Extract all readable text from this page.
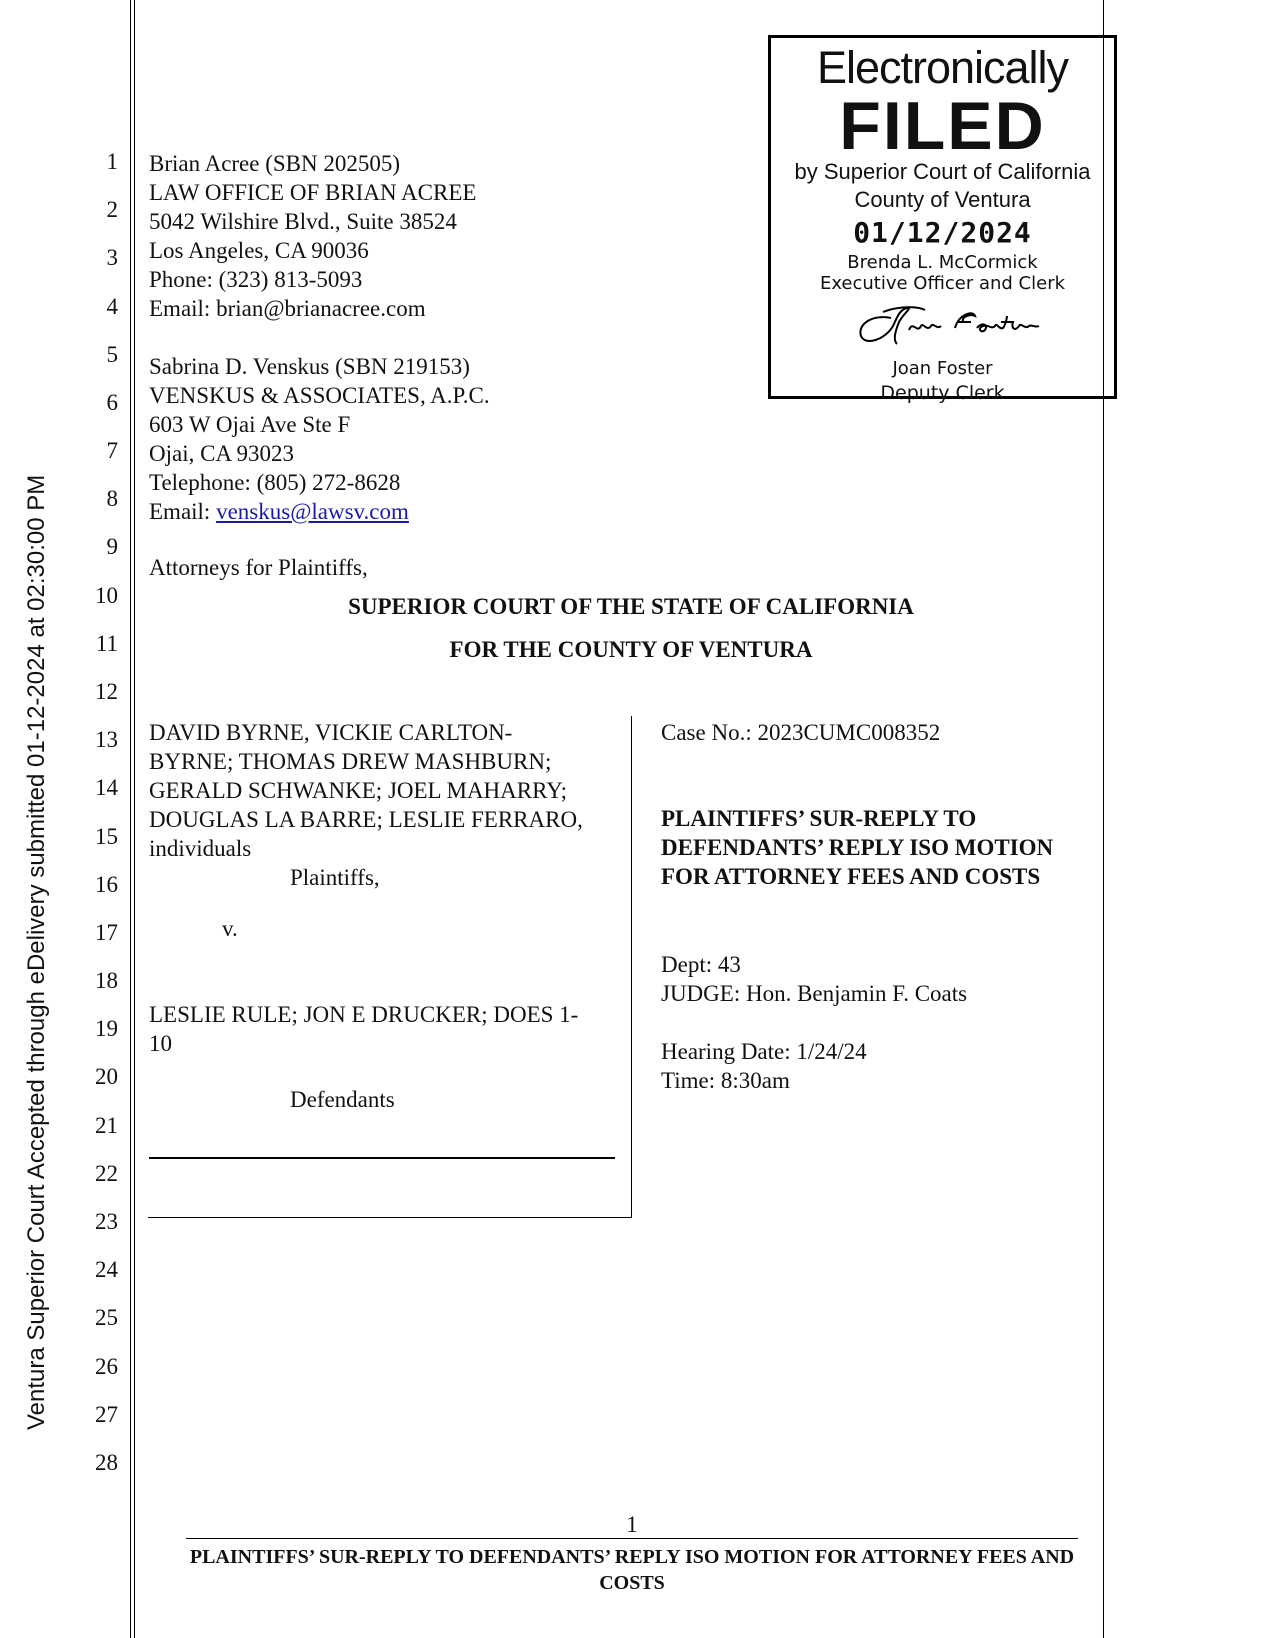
Ventura Superior Court Accepted through eDelivery submitted 01-12-2024 at 02:30:00 PM
1
2
3
4
5
6
7
8
9
10
11
12
13
14
15
16
17
18
19
20
21
22
23
24
25
26
27
28
Brian Acree (SBN 202505)
LAW OFFICE OF BRIAN ACREE
5042 Wilshire Blvd., Suite 38524
Los Angeles, CA 90036
Phone: (323) 813-5093
Email: brian@brianacree.com
Sabrina D. Venskus (SBN 219153)
VENSKUS & ASSOCIATES, A.P.C.
603 W Ojai Ave Ste F
Ojai, CA 93023
Telephone: (805) 272-8628
Email: venskus@lawsv.com
Attorneys for Plaintiffs,
SUPERIOR COURT OF THE STATE OF CALIFORNIA
FOR THE COUNTY OF VENTURA
DAVID BYRNE, VICKIE CARLTON-
BYRNE; THOMAS DREW MASHBURN;
GERALD SCHWANKE; JOEL MAHARRY;
DOUGLAS LA BARRE; LESLIE FERRARO,
individuals
Plaintiffs,
v.
LESLIE RULE; JON E DRUCKER; DOES 1-
10
Defendants
Case No.: 2023CUMC008352
PLAINTIFFS’ SUR-REPLY TO
DEFENDANTS’ REPLY ISO MOTION
FOR ATTORNEY FEES AND COSTS
Dept: 43
JUDGE: Hon. Benjamin F. Coats
Hearing Date: 1/24/24
Time: 8:30am
Electronically
FILED
by Superior Court of California
County of Ventura
01/12/2024
Brenda L. McCormick
Executive Officer and Clerk
Joan Foster
Deputy Clerk
1
PLAINTIFFS’ SUR-REPLY TO DEFENDANTS’ REPLY ISO MOTION FOR ATTORNEY FEES AND
COSTS
